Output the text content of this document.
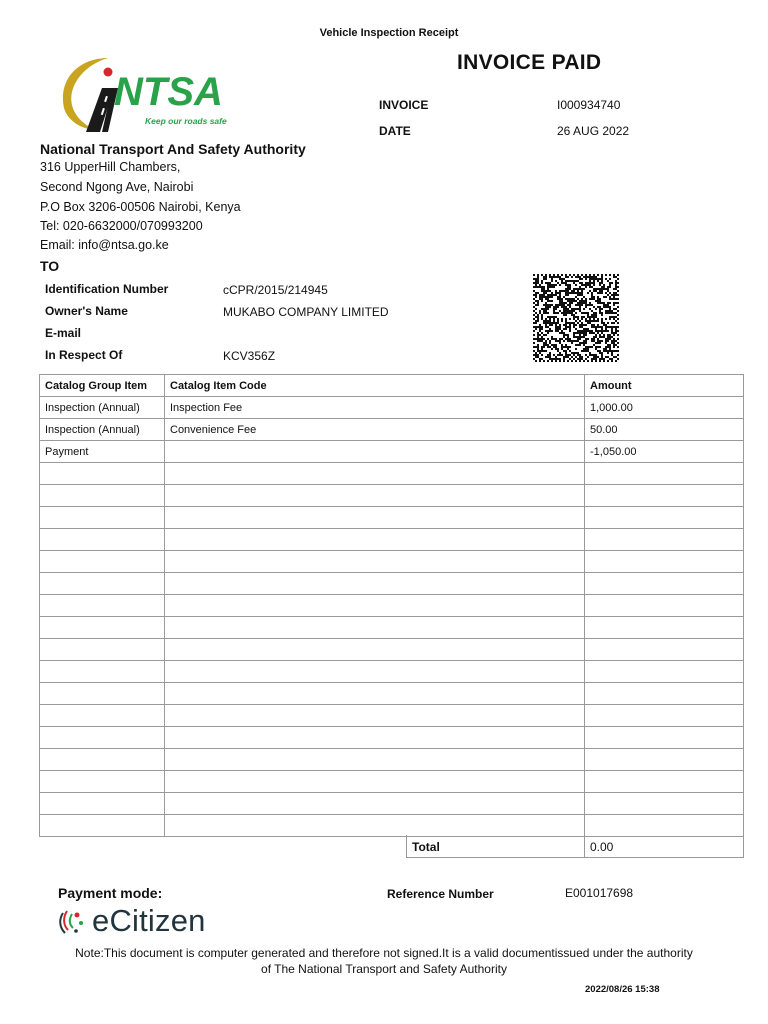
Vehicle Inspection Receipt
NTSA
Keep our roads safe
INVOICE PAID
INVOICE	I000934740
DATE	26 AUG 2022
National Transport And Safety Authority
316 UpperHill Chambers,
Second Ngong Ave, Nairobi
P.O Box 3206-00506 Nairobi, Kenya
Tel: 020-6632000/070993200
Email: info@ntsa.go.ke
TO
Identification Number	cCPR/2015/214945
Owner's Name	MUKABO COMPANY LIMITED
E-mail
In Respect Of	KCV356Z
Catalog Group Item	Catalog Item Code	Amount
Inspection (Annual)	Inspection Fee	1,000.00
Inspection (Annual)	Convenience Fee	50.00
Payment		-1,050.00

Total	0.00
Payment mode:	Reference Number	E001017698
eCitizen
Note:This document is computer generated and therefore not signed.It is a valid documentissued under the authority
of The National Transport and Safety Authority
2022/08/26 15:38
